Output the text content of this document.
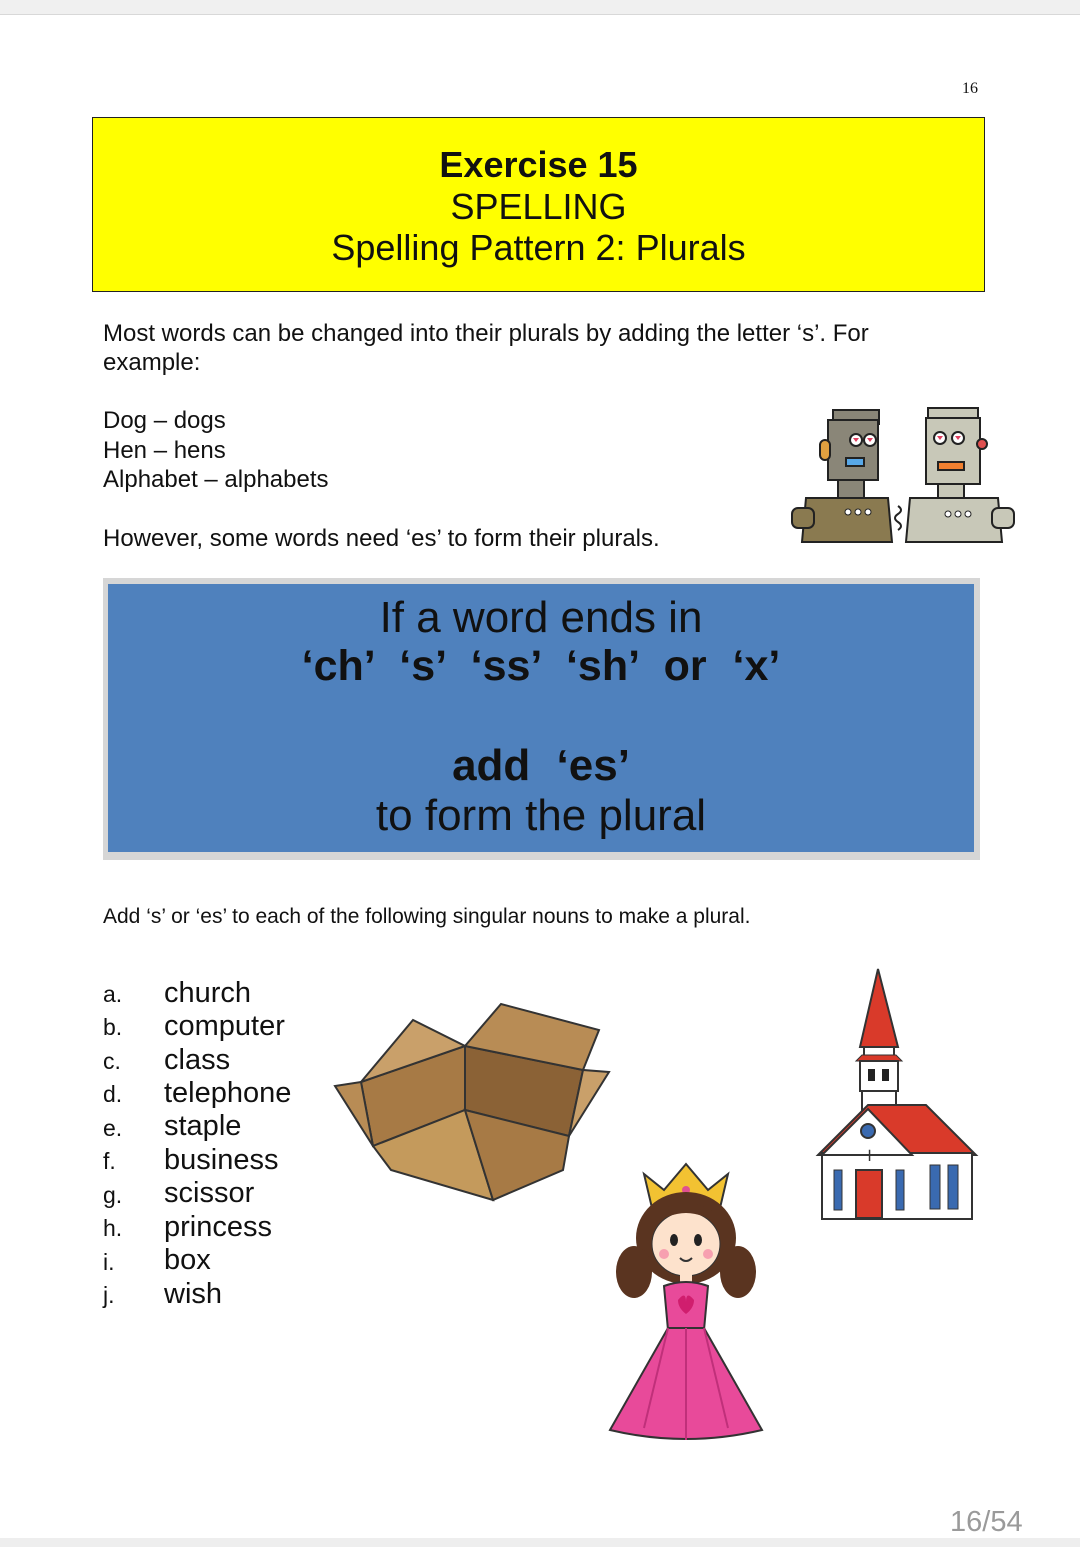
16
Exercise 15
SPELLING
Spelling Pattern 2: Plurals
Most words can be changed into their plurals by adding the letter ‘s’. For example:
Dog – dogs
Hen – hens
Alphabet – alphabets
However, some words need ‘es’ to form their plurals.
If a word ends in
‘ch’ ‘s’ ‘ss’ ‘sh’ or ‘x’
add ‘es’
to form the plural
Add ‘s’ or ‘es’ to each of the following singular nouns to make a plural.
a. church
b. computer
c. class
d. telephone
e. staple
f. business
g. scissor
h. princess
i. box
j. wish
+
16/54
